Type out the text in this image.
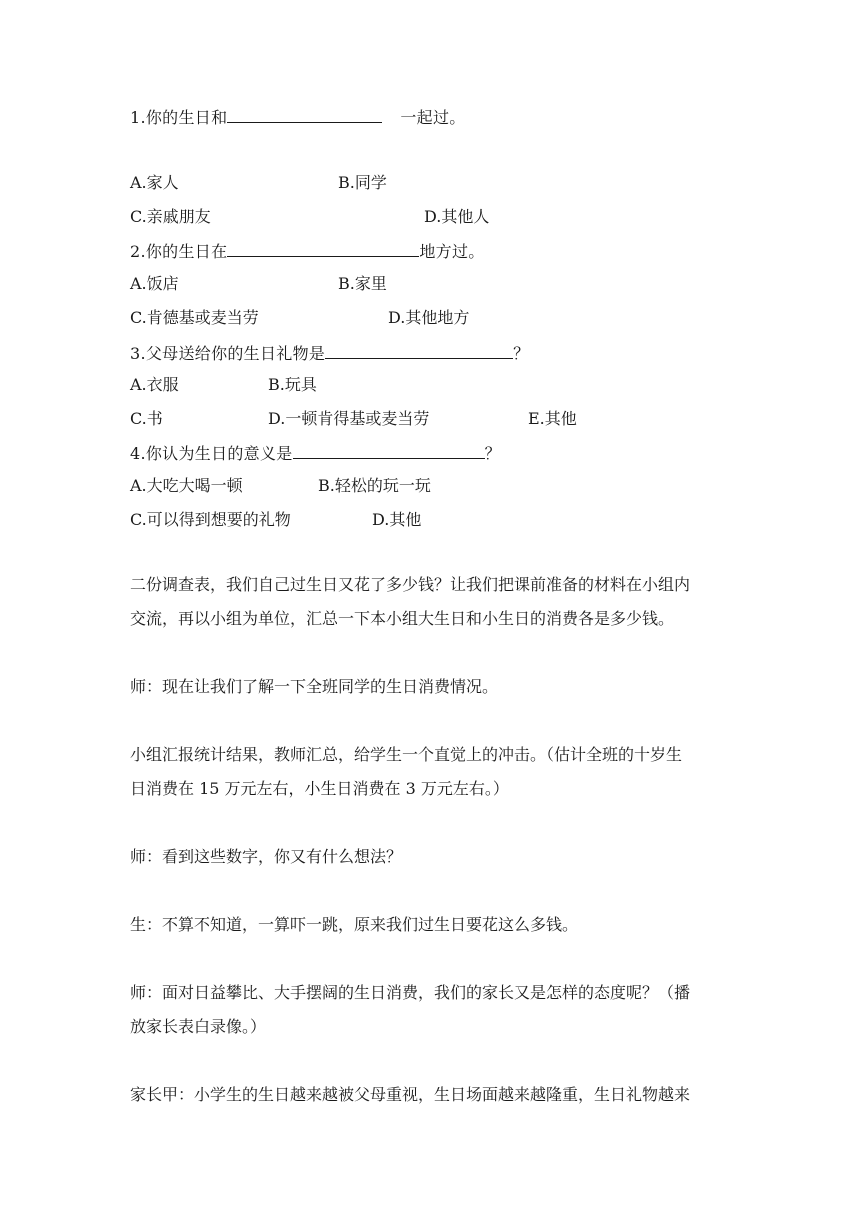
1.你的生日和	一起过。
A.家人	B.同学
C.亲戚朋友	D.其他人
2.你的生日在	地方过。
A.饭店	B.家里
C.肯德基或麦当劳	D.其他地方
3.父母送给你的生日礼物是	？
A.衣服	B.玩具
C.书	D.一顿肯得基或麦当劳	E.其他
4.你认为生日的意义是	？
A.大吃大喝一顿	B.轻松的玩一玩
C.可以得到想要的礼物	D.其他
二份调查表，我们自己过生日又花了多少钱？让我们把课前准备的材料在小组内
交流，再以小组为单位，汇总一下本小组大生日和小生日的消费各是多少钱。
师：现在让我们了解一下全班同学的生日消费情况。
小组汇报统计结果，教师汇总，给学生一个直觉上的冲击。（估计全班的十岁生
日消费在 15 万元左右，小生日消费在 3 万元左右。）
师：看到这些数字，你又有什么想法？
生：不算不知道，一算吓一跳，原来我们过生日要花这么多钱。
师：面对日益攀比、大手摆阔的生日消费，我们的家长又是怎样的态度呢？（播
放家长表白录像。）
家长甲：小学生的生日越来越被父母重视，生日场面越来越隆重，生日礼物越来
